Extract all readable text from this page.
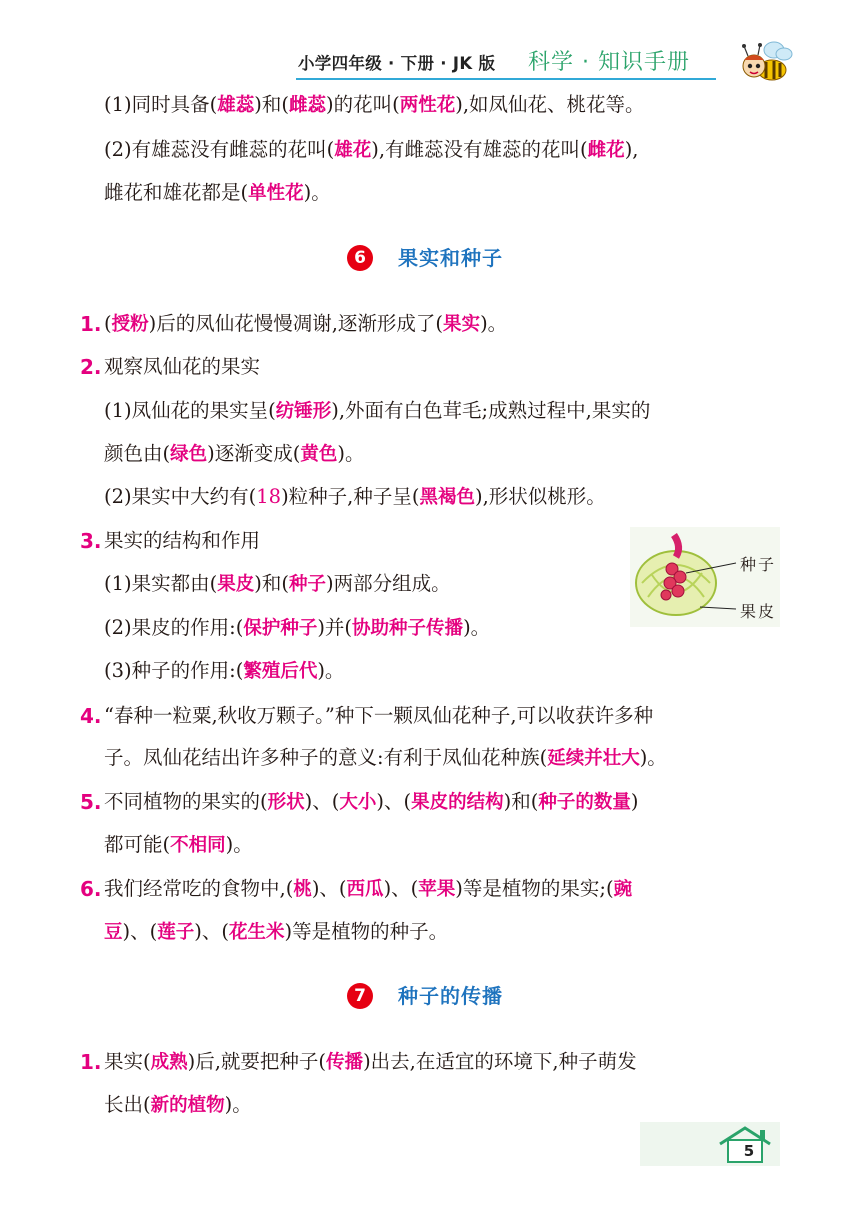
小学四年级 · 下册 · JK 版 科学 · 知识手册
(1)同时具备(雄蕊)和(雌蕊)的花叫(两性花),如凤仙花、桃花等。
(2)有雄蕊没有雌蕊的花叫(雄花),有雌蕊没有雄蕊的花叫(雌花),
雌花和雄花都是(单性花)。
6	果实和种子
1. (授粉)后的凤仙花慢慢凋谢,逐渐形成了(果实)。
2. 观察凤仙花的果实
(1)凤仙花的果实呈(纺锤形),外面有白色茸毛;成熟过程中,果实的
颜色由(绿色)逐渐变成(黄色)。
(2)果实中大约有(18)粒种子,种子呈(黑褐色),形状似桃形。
3. 果实的结构和作用
(1)果实都由(果皮)和(种子)两部分组成。
(2)果皮的作用:(保护种子)并(协助种子传播)。
(3)种子的作用:(繁殖后代)。
种子
果皮
4. “春种一粒粟,秋收万颗子。”种下一颗凤仙花种子,可以收获许多种
子。凤仙花结出许多种子的意义:有利于凤仙花种族(延续并壮大)。
5. 不同植物的果实的(形状)、(大小)、(果皮的结构)和(种子的数量)
都可能(不相同)。
6. 我们经常吃的食物中,(桃)、(西瓜)、(苹果)等是植物的果实;(豌
豆)、(莲子)、(花生米)等是植物的种子。
7	种子的传播
1. 果实(成熟)后,就要把种子(传播)出去,在适宜的环境下,种子萌发
长出(新的植物)。
5
